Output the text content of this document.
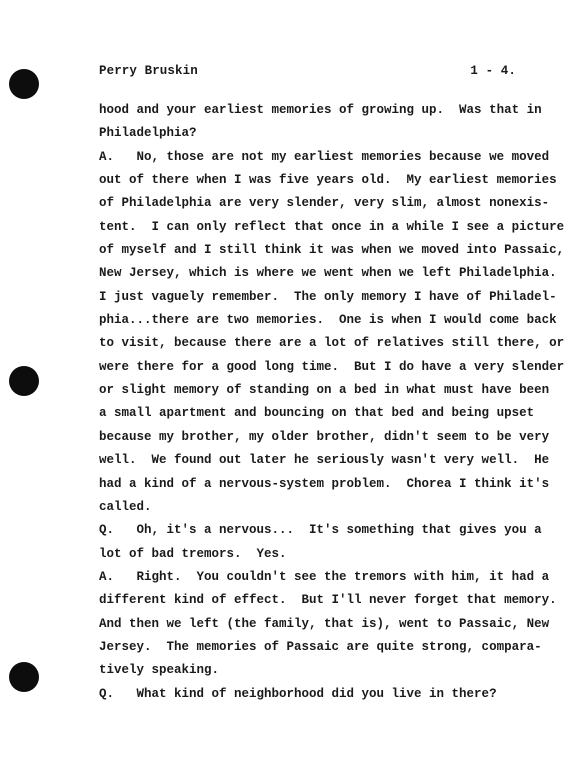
Perry Bruskin	1 - 4.
hood and your earliest memories of growing up.  Was that in
Philadelphia?
A.   No, those are not my earliest memories because we moved
out of there when I was five years old.  My earliest memories
of Philadelphia are very slender, very slim, almost nonexis-
tent.  I can only reflect that once in a while I see a picture
of myself and I still think it was when we moved into Passaic,
New Jersey, which is where we went when we left Philadelphia.
I just vaguely remember.  The only memory I have of Philadel-
phia...there are two memories.  One is when I would come back
to visit, because there are a lot of relatives still there, or
were there for a good long time.  But I do have a very slender
or slight memory of standing on a bed in what must have been
a small apartment and bouncing on that bed and being upset
because my brother, my older brother, didn't seem to be very
well.  We found out later he seriously wasn't very well.  He
had a kind of a nervous-system problem.  Chorea I think it's
called.
Q.   Oh, it's a nervous...  It's something that gives you a
lot of bad tremors.  Yes.
A.   Right.  You couldn't see the tremors with him, it had a
different kind of effect.  But I'll never forget that memory.
And then we left (the family, that is), went to Passaic, New
Jersey.  The memories of Passaic are quite strong, compara-
tively speaking.
Q.   What kind of neighborhood did you live in there?
